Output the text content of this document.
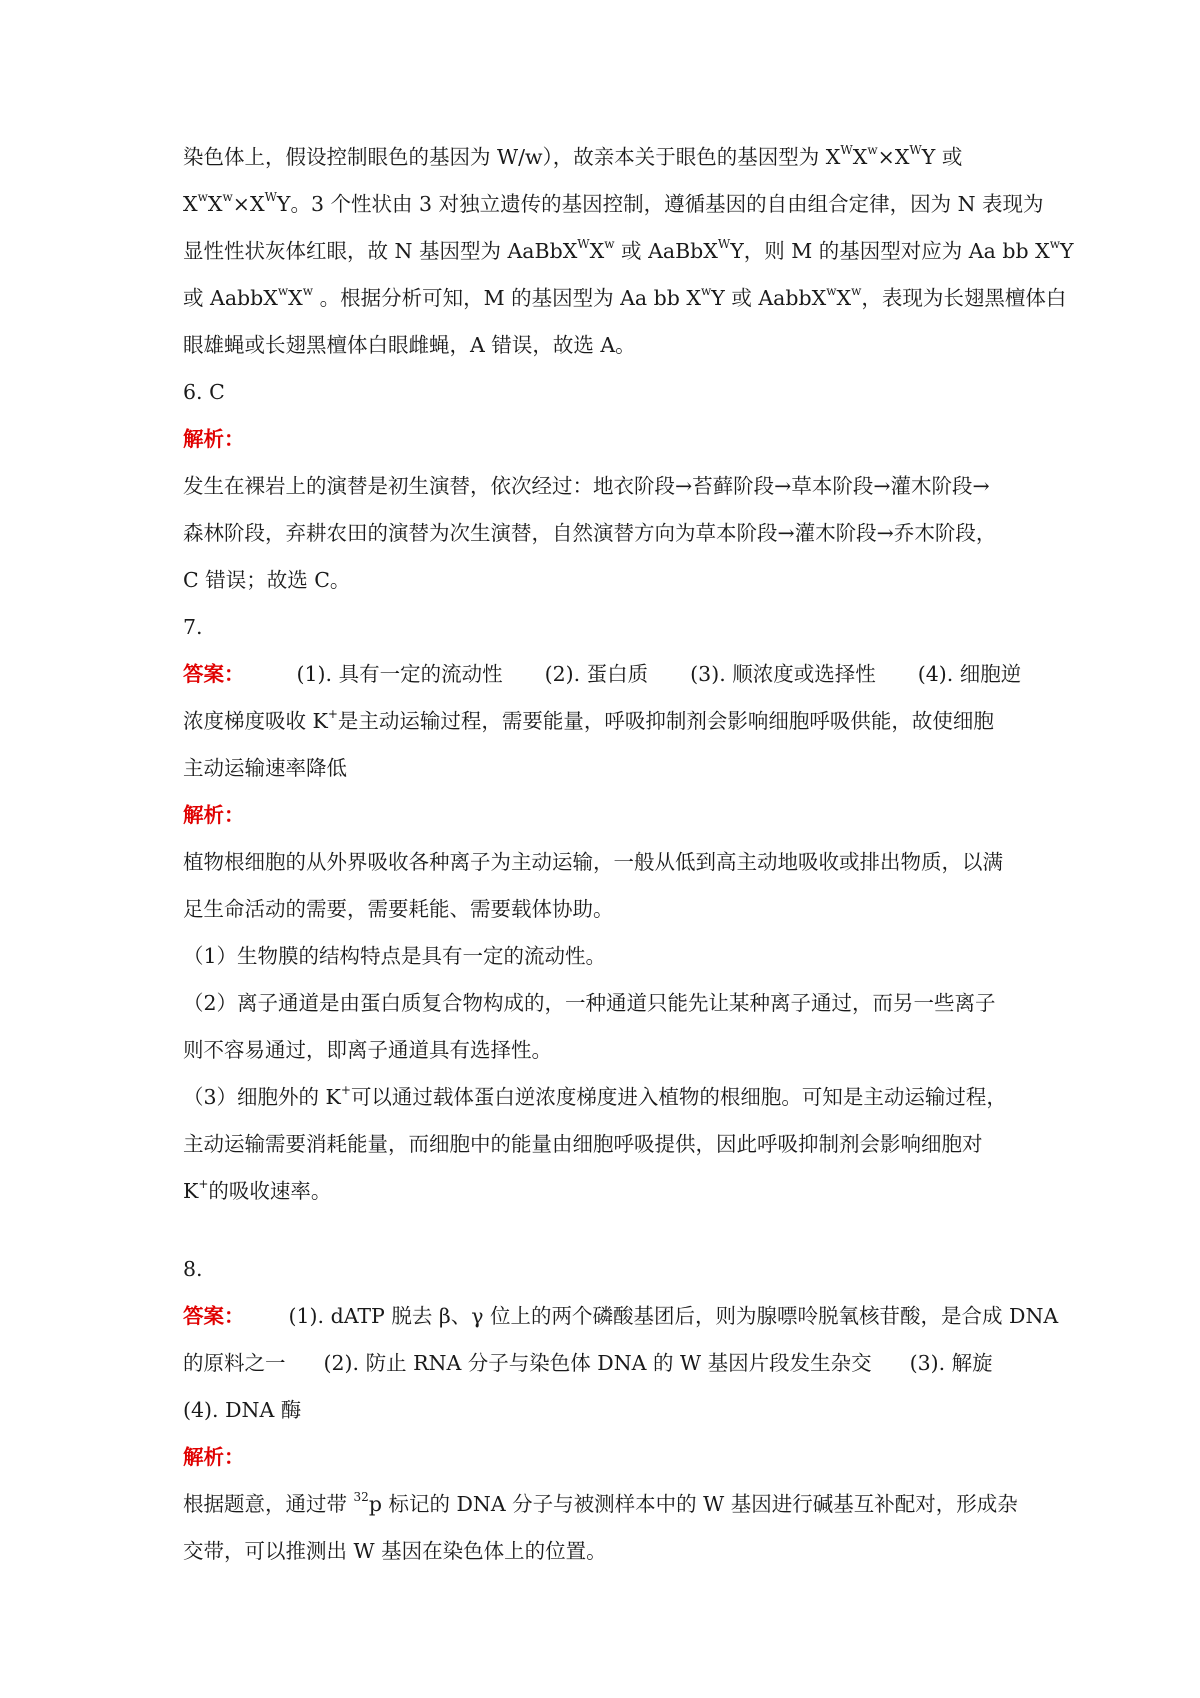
染色体上，假设控制眼色的基因为 W/w），故亲本关于眼色的基因型为 $X^WX^w\times X^WY$ 或
$X^wX^w\times X^WY$。3 个性状由 3 对独立遗传的基因控制，遵循基因的自由组合定律，因为 N 表现为
显性性状灰体红眼，故 N 基因型为 $AaBbX^WX^w$ 或 AaBbX$^W$Y，则 M 的基因型对应为 Aa bb $X^wY$
或 $AabbX^wX^w$ 。根据分析可知，M 的基因型为 Aa bb $X^wY$ 或 $AabbX^wX^w$，表现为长翅黑檀体白
眼雄蝇或长翅黑檀体白眼雌蝇，A 错误，故选 A。
6. C
解析：
发生在裸岩上的演替是初生演替，依次经过：地衣阶段→苔藓阶段→草本阶段→灌木阶段→
森林阶段，弃耕农田的演替为次生演替，自然演替方向为草本阶段→灌木阶段→乔木阶段，
C 错误；故选 C。
7.
答案：	(1). 具有一定的流动性 (2). 蛋白质 (3). 顺浓度或选择性 (4). 细胞逆
浓度梯度吸收 K+是主动运输过程，需要能量，呼吸抑制剂会影响细胞呼吸供能，故使细胞
主动运输速率降低
解析：
植物根细胞的从外界吸收各种离子为主动运输，一般从低到高主动地吸收或排出物质，以满
足生命活动的需要，需要耗能、需要载体协助。
（1）生物膜的结构特点是具有一定的流动性。
（2）离子通道是由蛋白质复合物构成的，一种通道只能先让某种离子通过，而另一些离子
则不容易通过，即离子通道具有选择性。
（3）细胞外的 K+可以通过载体蛋白逆浓度梯度进入植物的根细胞。可知是主动运输过程，
主动运输需要消耗能量，而细胞中的能量由细胞呼吸提供，因此呼吸抑制剂会影响细胞对
K+的吸收速率。
8.
答案： (1). dATP 脱去 β、γ 位上的两个磷酸基团后，则为腺嘌呤脱氧核苷酸，是合成 DNA
的原料之一 (2). 防止 RNA 分子与染色体 DNA 的 W 基因片段发生杂交 (3). 解旋
(4). DNA 酶
解析：
根据题意，通过带 $^{32}$p 标记的 DNA 分子与被测样本中的 W 基因进行碱基互补配对，形成杂
交带，可以推测出 W 基因在染色体上的位置。
